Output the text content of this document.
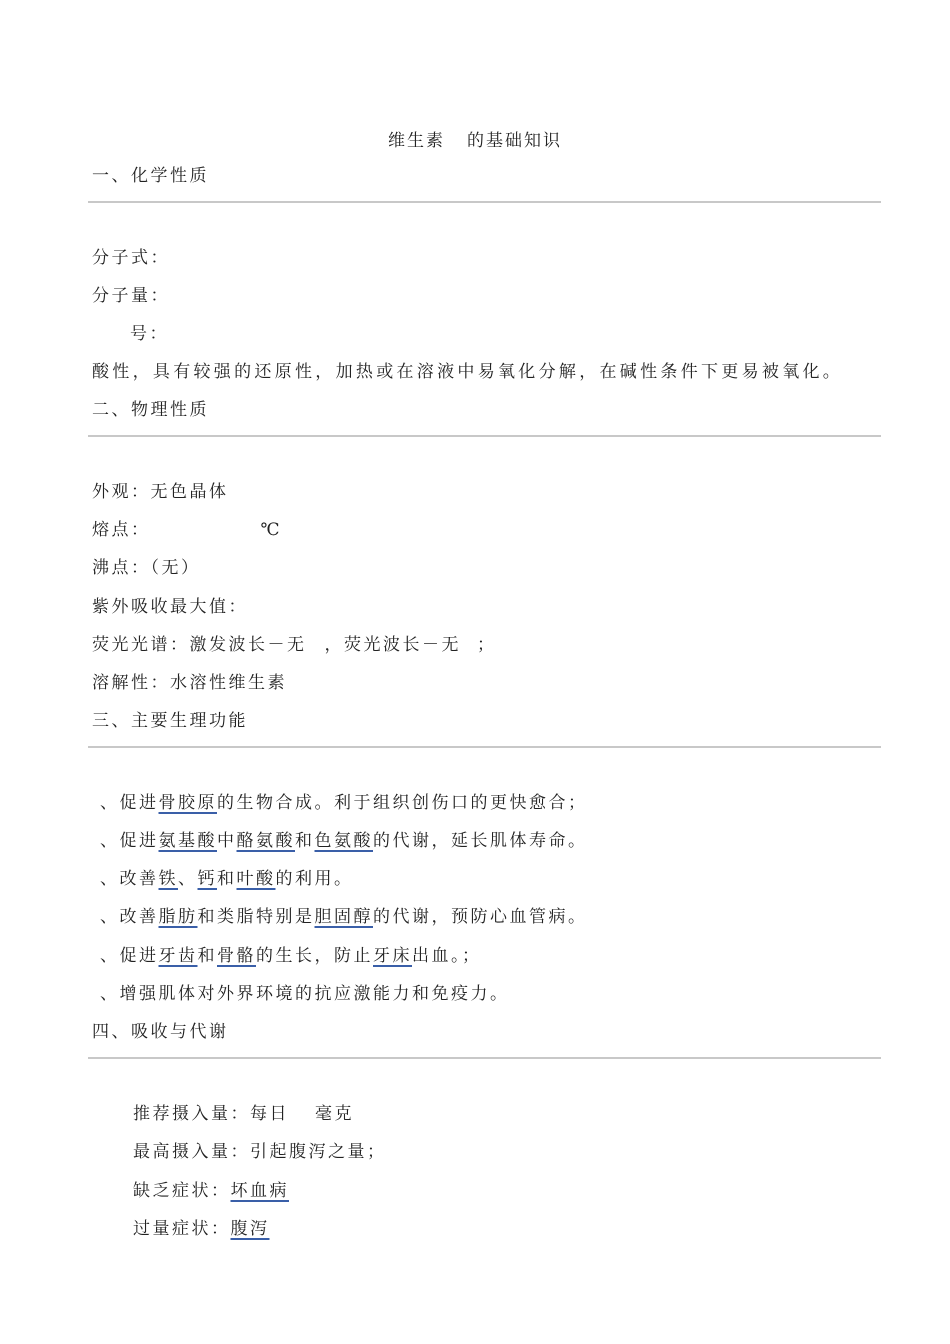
维生素 的基础知识
一、化学性质
分子式：
分子量：
号：
酸性，具有较强的还原性，加热或在溶液中易氧化分解，在碱性条件下更易被氧化。
二、物理性质
外观：无色晶体
熔点：	℃
沸点：（无）
紫外吸收最大值：
荧光光谱：激发波长－无 ，荧光波长－无 ；
溶解性：水溶性维生素
三、主要生理功能
、促进骨胶原的生物合成。利于组织创伤口的更快愈合；
、促进氨基酸中酪氨酸和色氨酸的代谢，延长肌体寿命。
、改善铁、钙和叶酸的利用。
、改善脂肪和类脂特别是胆固醇的代谢，预防心血管病。
、促进牙齿和骨骼的生长，防止牙床出血。；
、增强肌体对外界环境的抗应激能力和免疫力。
四、吸收与代谢
推荐摄入量：每日 毫克
最高摄入量：引起腹泻之量；
缺乏症状：坏血病
过量症状：腹泻
